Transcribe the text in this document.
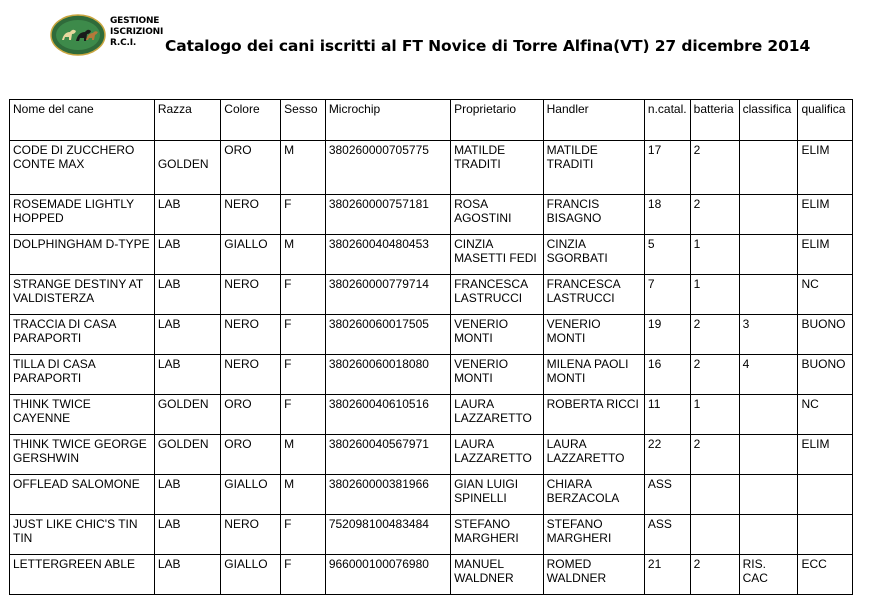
GESTIONE
ISCRIZIONI
R.C.I.	Catalogo dei cani iscritti al FT Novice di Torre Alfina(VT) 27 dicembre 2014
Nome del cane	Razza	Colore	Sesso	Microchip	Proprietario	Handler	n.catal.	batteria	classifica	qualifica
CODE DI ZUCCHERO CONTE MAX	GOLDEN	ORO	M	380260000705775	MATILDE TRADITI	MATILDE TRADITI	17	2		ELIM
ROSEMADE LIGHTLY HOPPED	LAB	NERO	F	380260000757181	ROSA AGOSTINI	FRANCIS BISAGNO	18	2		ELIM
DOLPHINGHAM D-TYPE	LAB	GIALLO	M	380260040480453	CINZIA MASETTI FEDI	CINZIA SGORBATI	5	1		ELIM
STRANGE DESTINY AT VALDISTERZA	LAB	NERO	F	380260000779714	FRANCESCA LASTRUCCI	FRANCESCA LASTRUCCI	7	1		NC
TRACCIA DI CASA PARAPORTI	LAB	NERO	F	380260060017505	VENERIO MONTI	VENERIO MONTI	19	2	3	BUONO
TILLA DI CASA PARAPORTI	LAB	NERO	F	380260060018080	VENERIO MONTI	MILENA PAOLI MONTI	16	2	4	BUONO
THINK TWICE CAYENNE	GOLDEN	ORO	F	380260040610516	LAURA LAZZARETTO	ROBERTA RICCI	11	1		NC
THINK TWICE GEORGE GERSHWIN	GOLDEN	ORO	M	380260040567971	LAURA LAZZARETTO	LAURA LAZZARETTO	22	2		ELIM
OFFLEAD SALOMONE	LAB	GIALLO	M	380260000381966	GIAN LUIGI SPINELLI	CHIARA BERZACOLA	ASS			
JUST LIKE CHIC'S TIN TIN	LAB	NERO	F	752098100483484	STEFANO MARGHERI	STEFANO MARGHERI	ASS			
LETTERGREEN ABLE	LAB	GIALLO	F	966000100076980	MANUEL WALDNER	ROMED WALDNER	21	2	RIS. CAC	ECC
